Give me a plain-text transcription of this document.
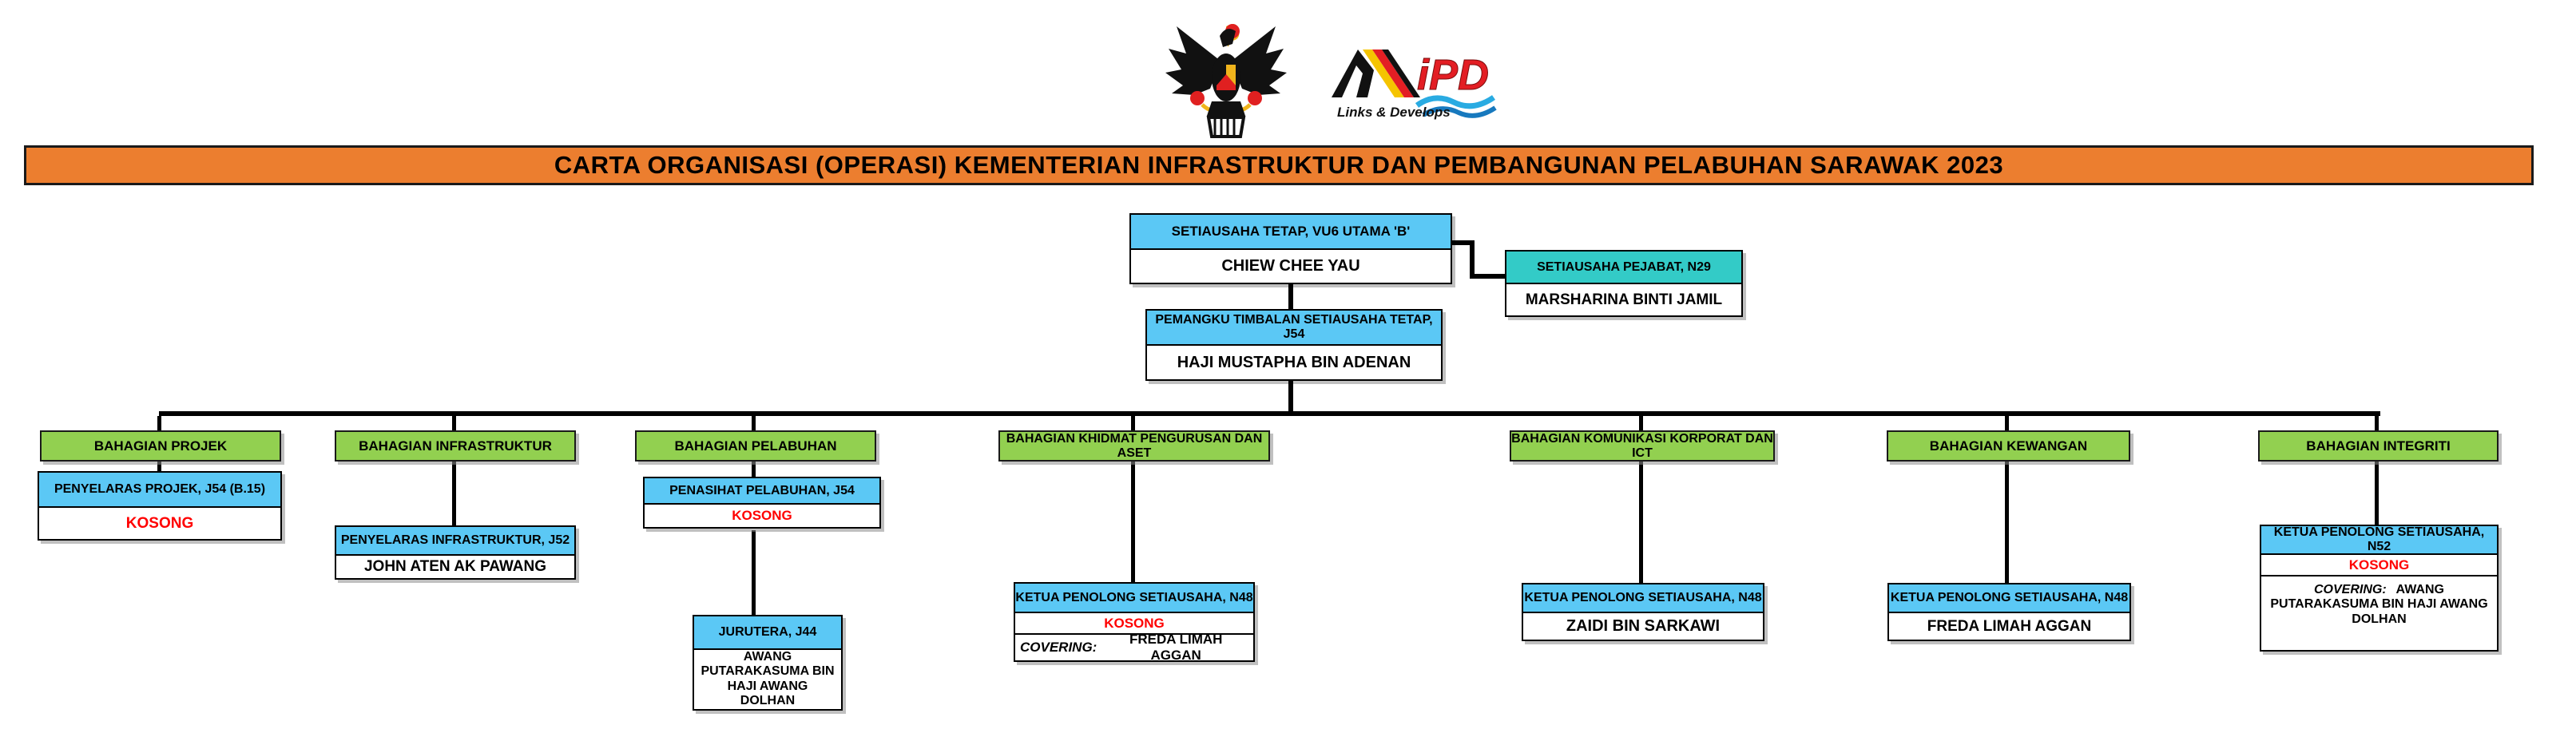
iPD
Links & Develops
CARTA ORGANISASI (OPERASI) KEMENTERIAN INFRASTRUKTUR DAN PEMBANGUNAN PELABUHAN SARAWAK 2023
SETIAUSAHA TETAP, VU6 UTAMA 'B'
CHIEW CHEE YAU	SETIAUSAHA PEJABAT, N29
MARSHARINA BINTI JAMIL
PEMANGKU TIMBALAN SETIAUSAHA TETAP, J54
HAJI MUSTAPHA BIN ADENAN
BAHAGIAN PROJEK	BAHAGIAN INFRASTRUKTUR	BAHAGIAN PELABUHAN	BAHAGIAN KHIDMAT PENGURUSAN DAN ASET
BAHAGIAN KOMUNIKASI KORPORAT DAN ICT	BAHAGIAN KEWANGAN	BAHAGIAN INTEGRITI
PENYELARAS PROJEK, J54 (B.15)
KOSONG
PENYELARAS INFRASTRUKTUR, J52
JOHN ATEN AK PAWANG
PENASIHAT PELABUHAN, J54
KOSONG
JURUTERA, J44
AWANG PUTARAKASUMA BIN HAJI AWANG DOLHAN
KETUA PENOLONG SETIAUSAHA, N48
KOSONG
COVERING:
FREDA LIMAH AGGAN
KETUA PENOLONG SETIAUSAHA, N48
ZAIDI BIN SARKAWI
KETUA PENOLONG SETIAUSAHA, N48
FREDA LIMAH AGGAN
KETUA PENOLONG SETIAUSAHA, N52
KOSONG
COVERING: AWANG PUTARAKASUMA BIN HAJI AWANG DOLHAN
